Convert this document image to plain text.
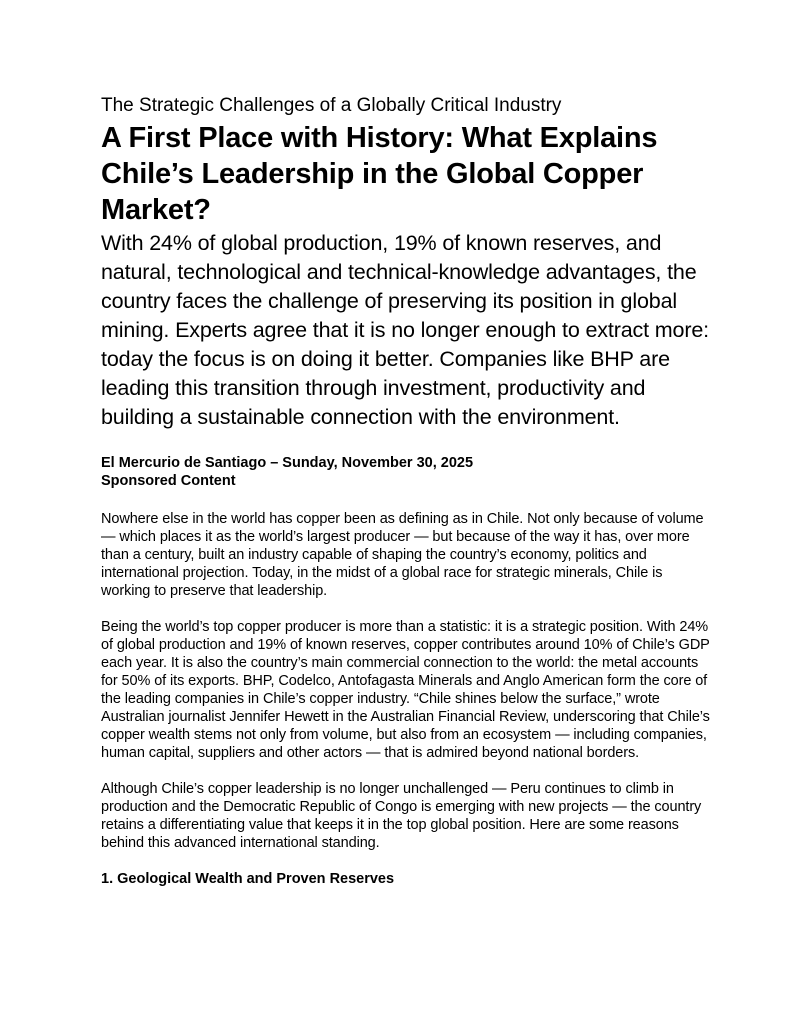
The Strategic Challenges of a Globally Critical Industry
A First Place with History: What Explains Chile’s Leadership in the Global Copper Market?

With 24% of global production, 19% of known reserves, and natural, technological and technical-knowledge advantages, the country faces the challenge of preserving its position in global mining. Experts agree that it is no longer enough to extract more: today the focus is on doing it better. Companies like BHP are leading this transition through investment, productivity and building a sustainable connection with the environment.

El Mercurio de Santiago – Sunday, November 30, 2025
Sponsored Content

Nowhere else in the world has copper been as defining as in Chile. Not only because of volume — which places it as the world’s largest producer — but because of the way it has, over more than a century, built an industry capable of shaping the country’s economy, politics and international projection. Today, in the midst of a global race for strategic minerals, Chile is working to preserve that leadership.

Being the world’s top copper producer is more than a statistic: it is a strategic position. With 24% of global production and 19% of known reserves, copper contributes around 10% of Chile’s GDP each year. It is also the country’s main commercial connection to the world: the metal accounts for 50% of its exports. BHP, Codelco, Antofagasta Minerals and Anglo American form the core of the leading companies in Chile’s copper industry. “Chile shines below the surface,” wrote Australian journalist Jennifer Hewett in the Australian Financial Review, underscoring that Chile’s copper wealth stems not only from volume, but also from an ecosystem — including companies, human capital, suppliers and other actors — that is admired beyond national borders.

Although Chile’s copper leadership is no longer unchallenged — Peru continues to climb in production and the Democratic Republic of Congo is emerging with new projects — the country retains a differentiating value that keeps it in the top global position. Here are some reasons behind this advanced international standing.

1. Geological Wealth and Proven Reserves
